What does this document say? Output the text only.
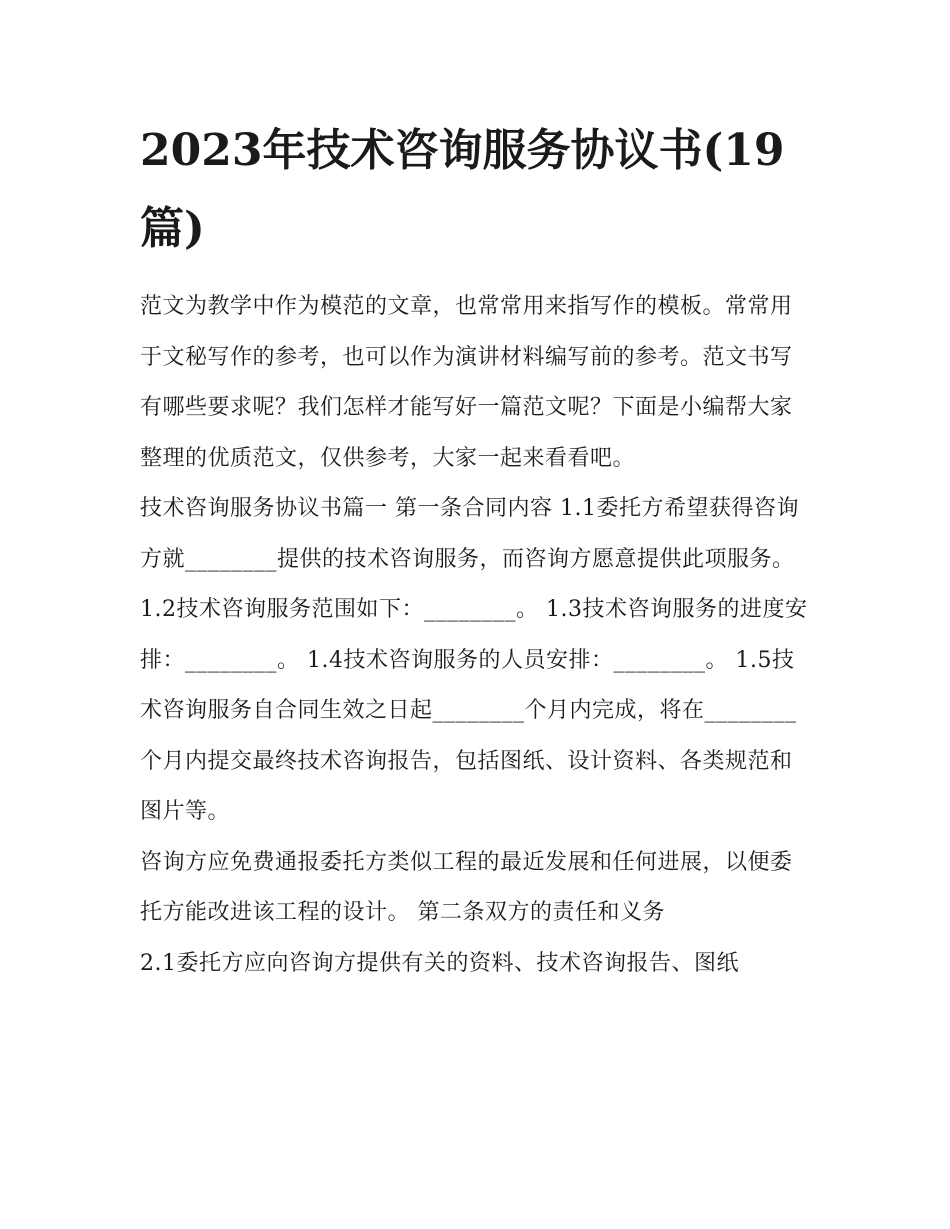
2023年技术咨询服务协议书(19篇)

范文为教学中作为模范的文章，也常常用来指写作的模板。常常用于文秘写作的参考，也可以作为演讲材料编写前的参考。范文书写有哪些要求呢？我们怎样才能写好一篇范文呢？下面是小编帮大家整理的优质范文，仅供参考，大家一起来看看吧。

技术咨询服务协议书篇一 第一条合同内容 1.1委托方希望获得咨询方就________提供的技术咨询服务，而咨询方愿意提供此项服务。

1.2技术咨询服务范围如下：________。 1.3技术咨询服务的进度安排：________。 1.4技术咨询服务的人员安排：________。 1.5技术咨询服务自合同生效之日起________个月内完成，将在________个月内提交最终技术咨询报告，包括图纸、设计资料、各类规范和图片等。

咨询方应免费通报委托方类似工程的最近发展和任何进展，以便委托方能改进该工程的设计。 第二条双方的责任和义务

2.1委托方应向咨询方提供有关的资料、技术咨询报告、图纸
